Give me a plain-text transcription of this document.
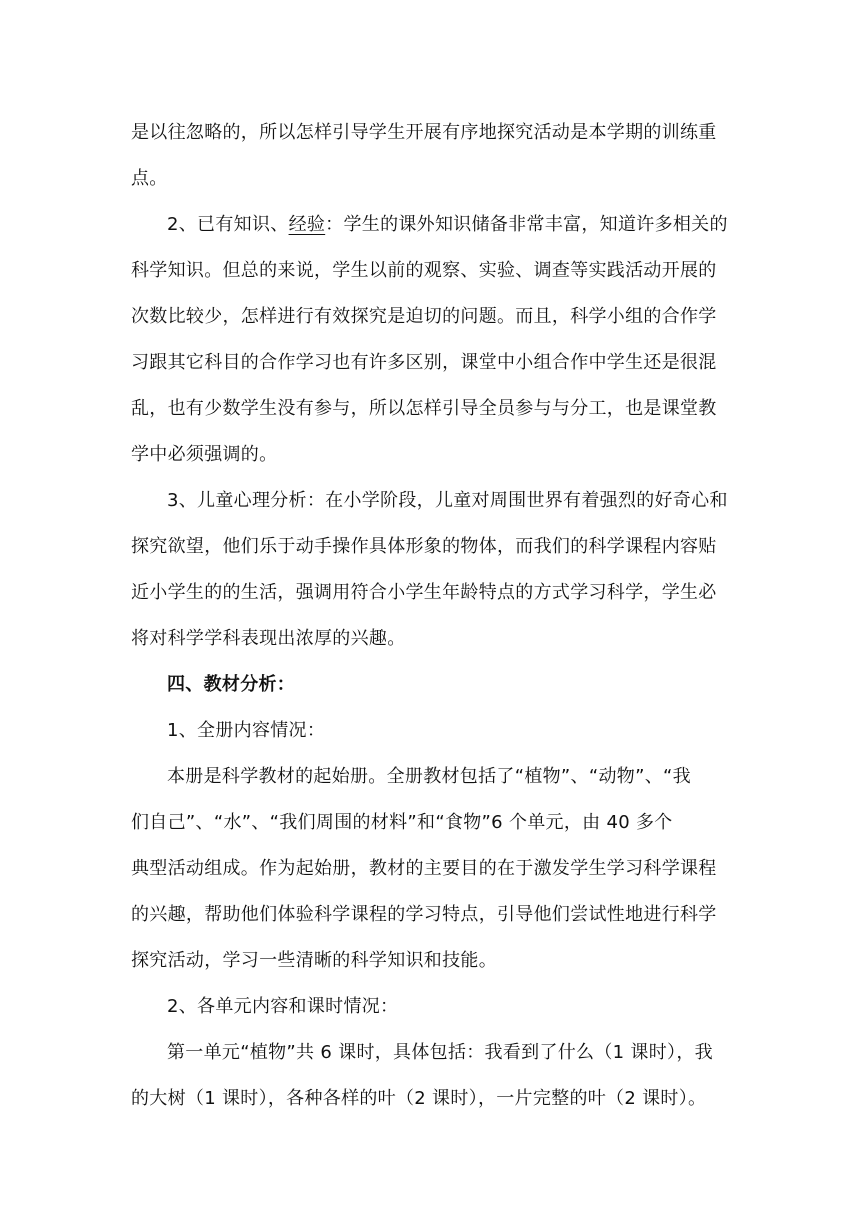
是以往忽略的，所以怎样引导学生开展有序地探究活动是本学期的训练重
点。
2、已有知识、经验：学生的课外知识储备非常丰富，知道许多相关的
科学知识。但总的来说，学生以前的观察、实验、调查等实践活动开展的
次数比较少，怎样进行有效探究是迫切的问题。而且，科学小组的合作学
习跟其它科目的合作学习也有许多区别，课堂中小组合作中学生还是很混
乱，也有少数学生没有参与，所以怎样引导全员参与与分工，也是课堂教
学中必须强调的。
3、儿童心理分析：在小学阶段，儿童对周围世界有着强烈的好奇心和
探究欲望，他们乐于动手操作具体形象的物体，而我们的科学课程内容贴
近小学生的的生活，强调用符合小学生年龄特点的方式学习科学，学生必
将对科学学科表现出浓厚的兴趣。
四、教材分析：
1、全册内容情况：
本册是科学教材的起始册。全册教材包括了“植物”、“动物”、“我
们自己”、“水”、“我们周围的材料”和“食物”6 个单元，由 40 多个
典型活动组成。作为起始册，教材的主要目的在于激发学生学习科学课程
的兴趣，帮助他们体验科学课程的学习特点，引导他们尝试性地进行科学
探究活动，学习一些清晰的科学知识和技能。
2、各单元内容和课时情况：
第一单元“植物”共 6 课时，具体包括：我看到了什么（1 课时），我
的大树（1 课时），各种各样的叶（2 课时），一片完整的叶（2 课时）。
